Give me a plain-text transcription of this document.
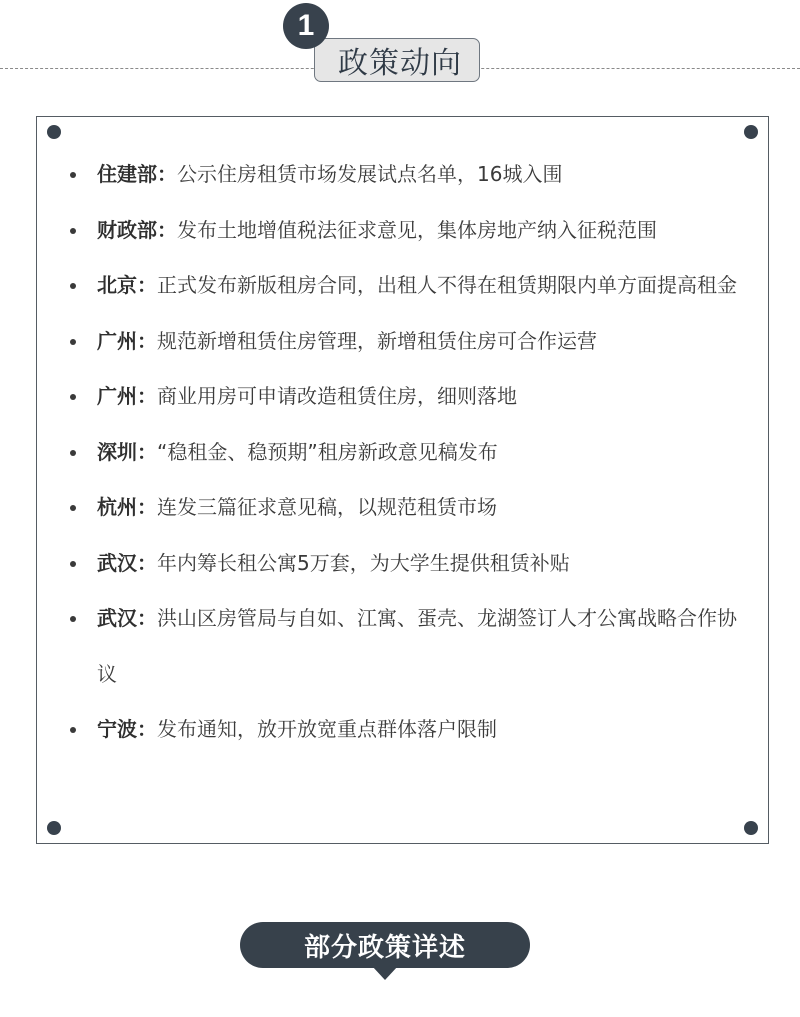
1
政策动向
住建部：公示住房租赁市场发展试点名单，16城入围
财政部：发布土地增值税法征求意见，集体房地产纳入征税范围
北京：正式发布新版租房合同，出租人不得在租赁期限内单方面提高租金
广州：规范新增租赁住房管理，新增租赁住房可合作运营
广州：商业用房可申请改造租赁住房，细则落地
深圳：“稳租金、稳预期”租房新政意见稿发布
杭州：连发三篇征求意见稿，以规范租赁市场
武汉：年内筹长租公寓5万套，为大学生提供租赁补贴
武汉：洪山区房管局与自如、江寓、蛋壳、龙湖签订人才公寓战略合作协议
宁波：发布通知，放开放宽重点群体落户限制
部分政策详述
